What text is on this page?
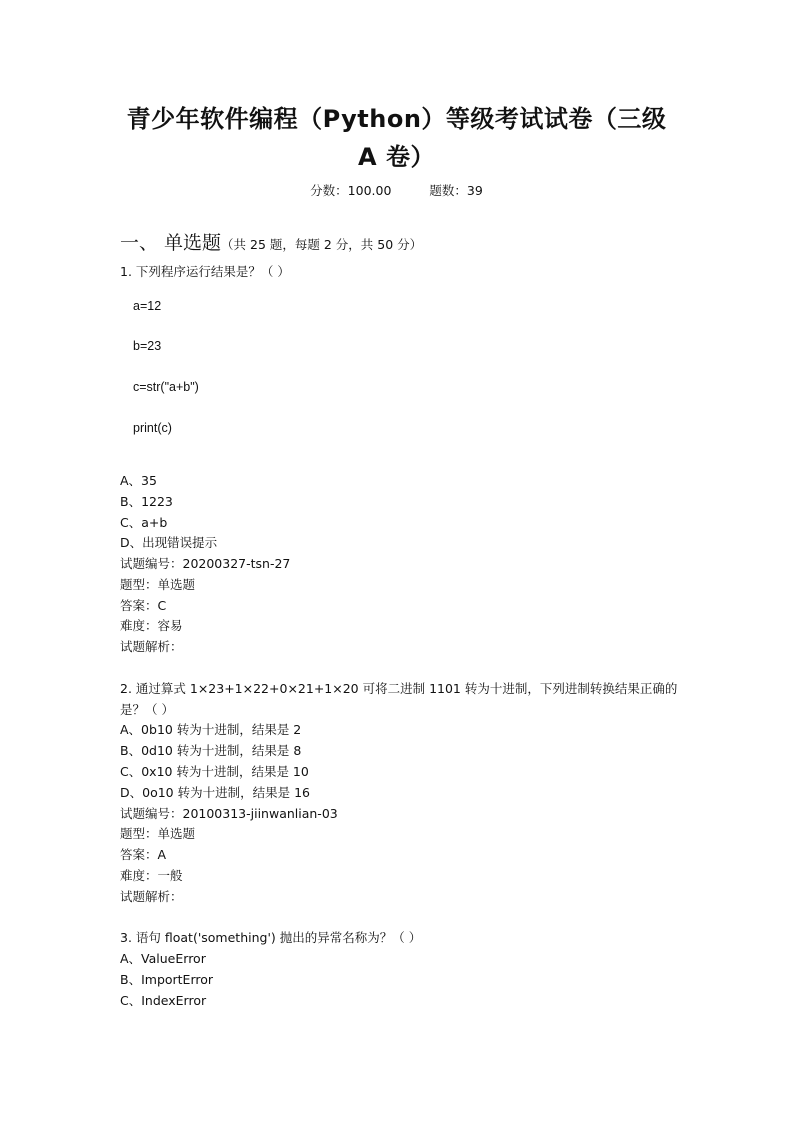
青少年软件编程（Python）等级考试试卷（三级
A 卷）
分数：100.00	题数：39
一、 单选题（共 25 题，每题 2 分，共 50 分）
1. 下列程序运行结果是？（ ）
a=12
b=23
c=str("a+b")
print(c)
A、35
B、1223
C、a+b
D、出现错误提示
试题编号：20200327-tsn-27
题型：单选题
答案：C
难度：容易
试题解析：
2. 通过算式 1×23+1×22+0×21+1×20 可将二进制 1101 转为十进制，下列进制转换结果正确的
是？（ ）
A、0b10 转为十进制，结果是 2
B、0d10 转为十进制，结果是 8
C、0x10 转为十进制，结果是 10
D、0o10 转为十进制，结果是 16
试题编号：20100313-jiinwanlian-03
题型：单选题
答案：A
难度：一般
试题解析：
3. 语句 float('something') 抛出的异常名称为？（ ）
A、ValueError
B、ImportError
C、IndexError
